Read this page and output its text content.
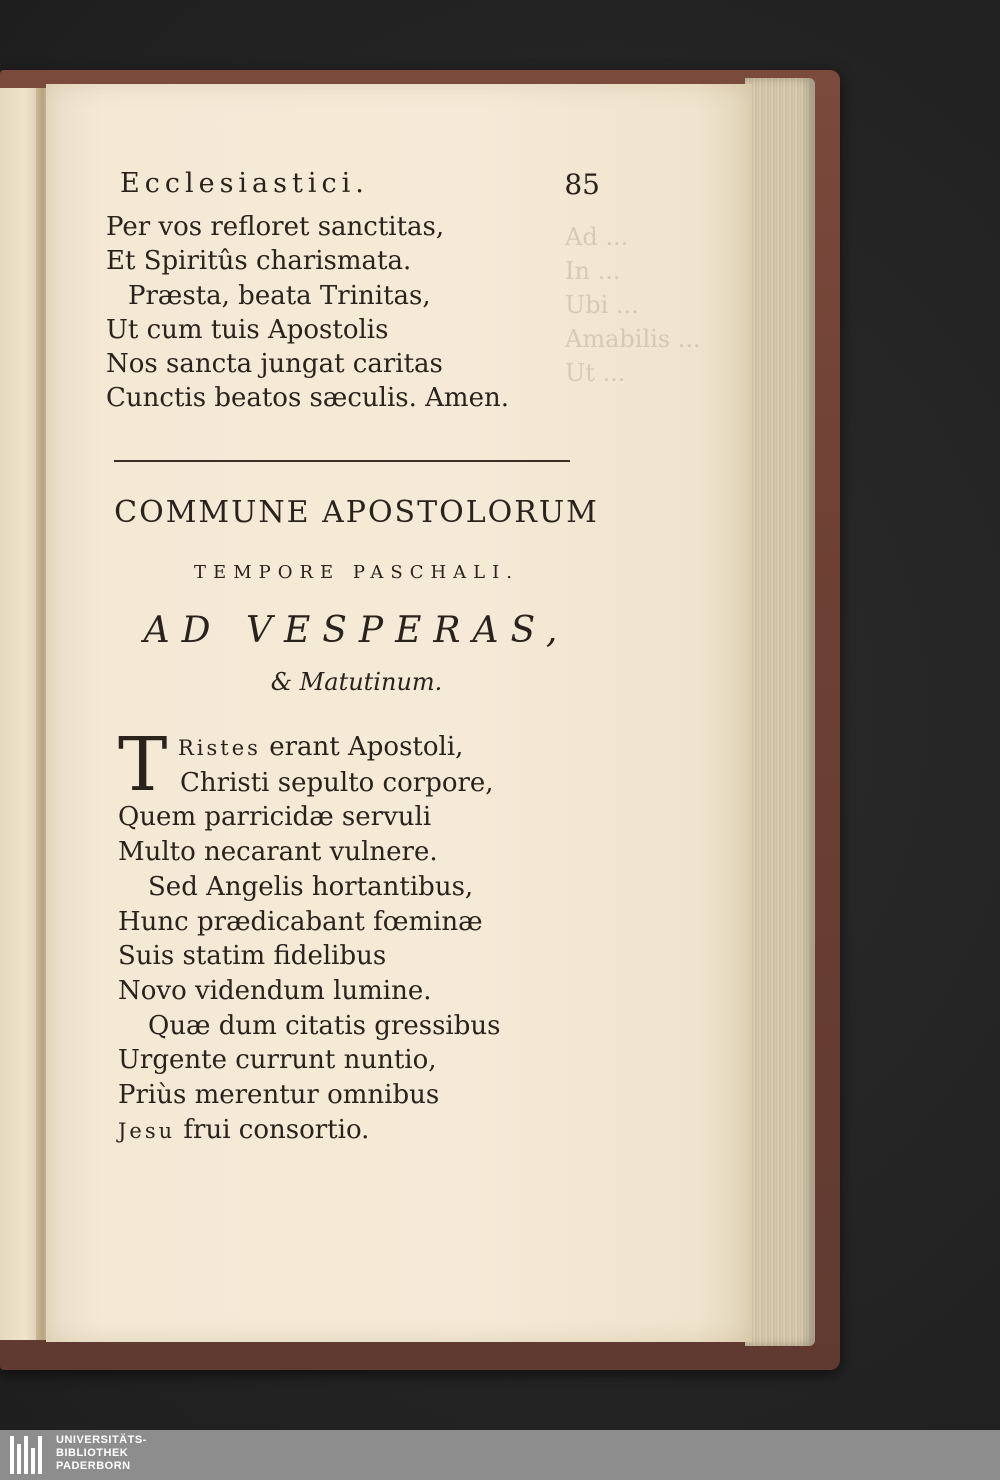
Ad ...
In ...
Ubi ...
Amabilis ...
Ut ...
Ecclesiastici.	85
Per vos refloret sanctitas,
Et Spiritûs charismata.
Præsta, beata Trinitas,
Ut cum tuis Apostolis
Nos sancta jungat caritas
Cunctis beatos sæculis. Amen.
COMMUNE APOSTOLORUM
TEMPORE PASCHALI.
AD VESPERAS,
& Matutinum.
T Ristes erant Apostoli,
Christi sepulto corpore,
Quem parricidæ servuli
Multo necarant vulnere.
Sed Angelis hortantibus,
Hunc prædicabant fœminæ
Suis statim fidelibus
Novo videndum lumine.
Quæ dum citatis gressibus
Urgente currunt nuntio,
Priùs merentur omnibus
Jesu frui consortio.
UNIVERSITÄTS-
BIBLIOTHEK
PADERBORN
